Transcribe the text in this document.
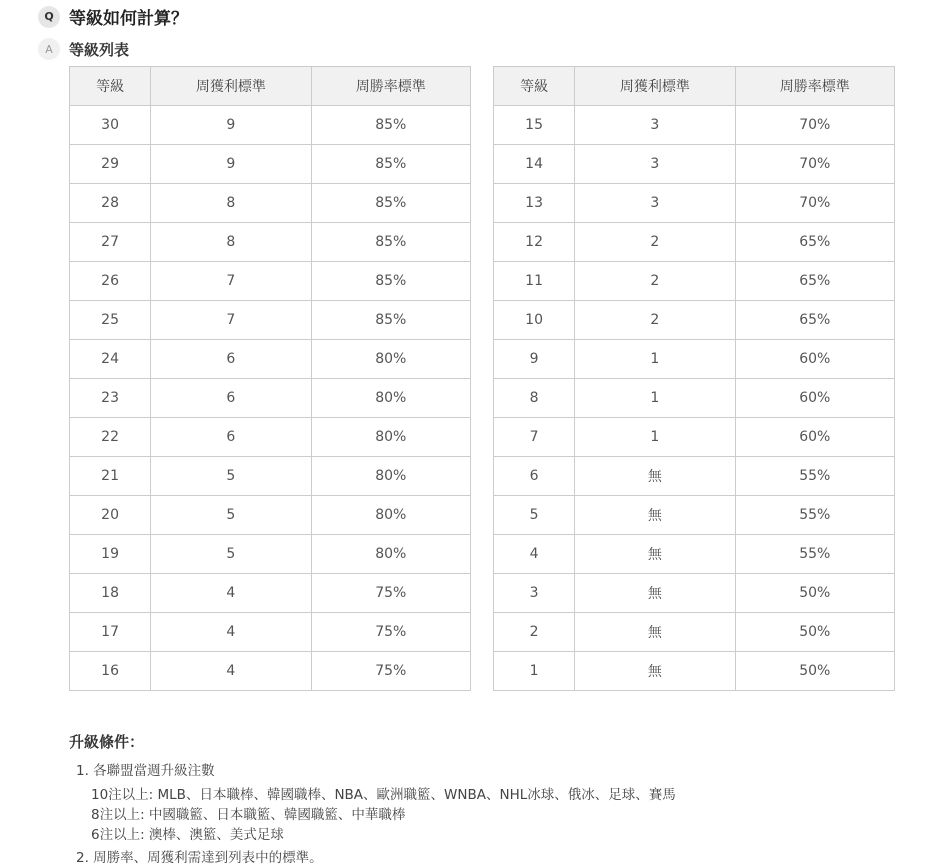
Q 等級如何計算？
A	等級列表
等級	周獲利標準	周勝率標準
30	9	85%
29	9	85%
28	8	85%
27	8	85%
26	7	85%
25	7	85%
24	6	80%
23	6	80%
22	6	80%
21	5	80%
20	5	80%
19	5	80%
18	4	75%
17	4	75%
16	4	75%
等級	周獲利標準	周勝率標準
15	3	70%
14	3	70%
13	3	70%
12	2	65%
11	2	65%
10	2	65%
9	1	60%
8	1	60%
7	1	60%
6	無	55%
5	無	55%
4	無	55%
3	無	50%
2	無	50%
1	無	50%
升級條件：
1. 各聯盟當週升級注數
10注以上: MLB、日本職棒、韓國職棒、NBA、歐洲職籃、WNBA、NHL冰球、俄冰、足球、賽馬
8注以上: 中國職籃、日本職籃、韓國職籃、中華職棒
6注以上: 澳棒、澳籃、美式足球
2. 周勝率、周獲利需達到列表中的標準。
